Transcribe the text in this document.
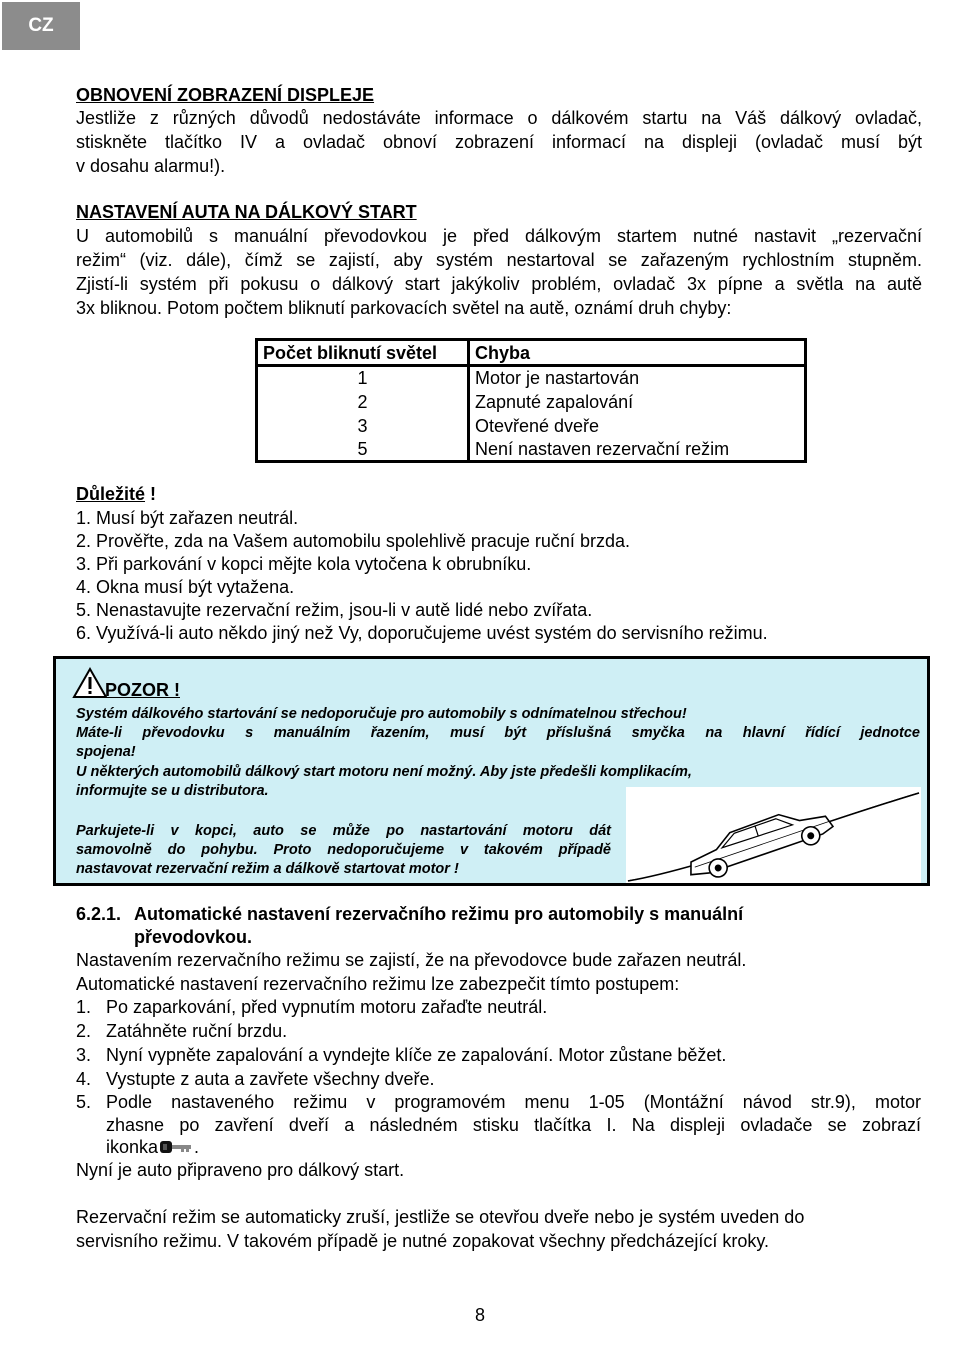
CZ
OBNOVENÍ ZOBRAZENÍ DISPLEJE
Jestliže z různých důvodů nedostáváte informace o dálkovém startu na Váš dálkový ovladač,
stiskněte tlačítko IV a ovladač obnoví zobrazení informací na displeji (ovladač musí být
v dosahu alarmu!).
NASTAVENÍ AUTA NA DÁLKOVÝ START
U automobilů s manuální převodovkou je před dálkovým startem nutné nastavit „rezervační
režim“ (viz. dále), čímž se zajistí, aby systém nestartoval se zařazeným rychlostním stupněm.
Zjistí-li systém při pokusu o dálkový start jakýkoliv problém, ovladač 3x pípne a světla na autě
3x bliknou. Potom počtem bliknutí parkovacích světel na autě, oznámí druh chyby:
Počet bliknutí světel	Chyba
1	Motor je nastartován
2	Zapnuté zapalování
3	Otevřené dveře
5	Není nastaven rezervační režim
Důležité !
1. Musí být zařazen neutrál.
2. Prověřte, zda na Vašem automobilu spolehlivě pracuje ruční brzda.
3. Při parkování v kopci mějte kola vytočena k obrubníku.
4. Okna musí být vytažena.
5. Nenastavujte rezervační režim, jsou-li v autě lidé nebo zvířata.
6. Využívá-li auto někdo jiný než Vy, doporučujeme uvést systém do servisního režimu.
POZOR !
Systém dálkového startování se nedoporučuje pro automobily s odnímatelnou střechou!
Máte-li převodovku s manuálním řazením, musí být příslušná smyčka na hlavní řídící jednotce
spojena!
U některých automobilů dálkový start motoru není možný. Aby jste předešli komplikacím,
informujte se u distributora.
Parkujete-li v kopci, auto se může po nastartování motoru dát
samovolně do pohybu. Proto nedoporučujeme v takovém případě
nastavovat rezervační režim a dálkově startovat motor !
6.2.1. Automatické nastavení rezervačního režimu pro automobily s manuální
převodovkou.
Nastavením rezervačního režimu se zajistí, že na převodovce bude zařazen neutrál.
Automatické nastavení rezervačního režimu lze zabezpečit tímto postupem:
1. Po zaparkování, před vypnutím motoru zařaďte neutrál.
2. Zatáhněte ruční brzdu.
3. Nyní vypněte zapalování a vyndejte klíče ze zapalování. Motor zůstane běžet.
4. Vystupte z auta a zavřete všechny dveře.
5. Podle nastaveného režimu v programovém menu 1-05 (Montážní návod str.9), motor
zhasne po zavření dveří a následném stisku tlačítka I. Na displeji ovladače se zobrazí
ikonka .
Nyní je auto připraveno pro dálkový start.
Rezervační režim se automaticky zruší, jestliže se otevřou dveře nebo je systém uveden do
servisního režimu. V takovém případě je nutné zopakovat všechny předcházející kroky.
8
